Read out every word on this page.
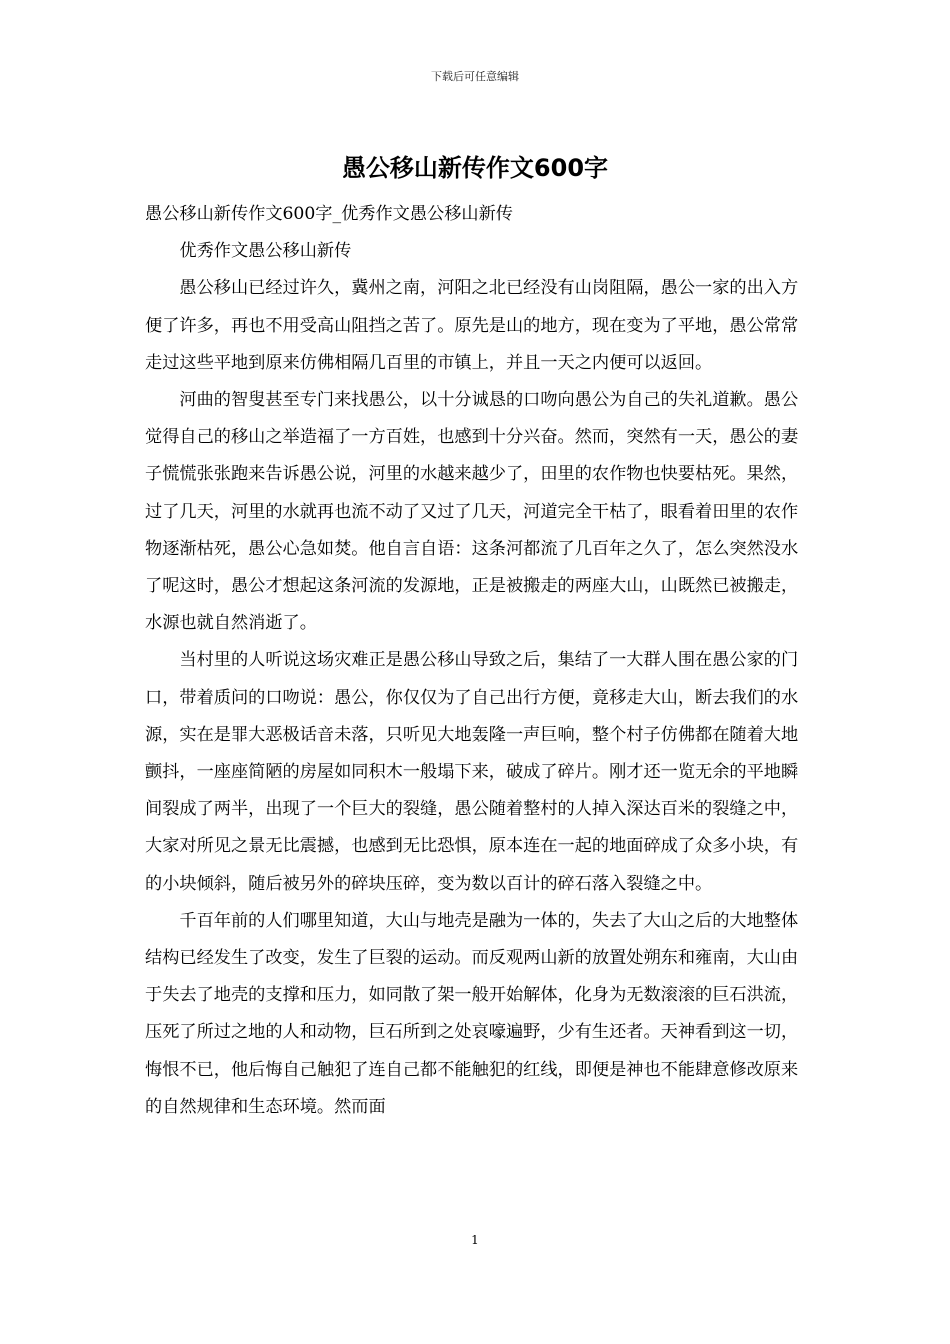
下载后可任意编辑
愚公移山新传作文600字

愚公移山新传作文600字_优秀作文愚公移山新传

优秀作文愚公移山新传

愚公移山已经过许久，冀州之南，河阳之北已经没有山岗阻隔，愚公一家的出入方便了许多，再也不用受高山阻挡之苦了。原先是山的地方，现在变为了平地，愚公常常走过这些平地到原来仿佛相隔几百里的市镇上，并且一天之内便可以返回。

河曲的智叟甚至专门来找愚公，以十分诚恳的口吻向愚公为自己的失礼道歉。愚公觉得自己的移山之举造福了一方百姓，也感到十分兴奋。然而，突然有一天，愚公的妻子慌慌张张跑来告诉愚公说，河里的水越来越少了，田里的农作物也快要枯死。果然，过了几天，河里的水就再也流不动了又过了几天，河道完全干枯了，眼看着田里的农作物逐渐枯死，愚公心急如焚。他自言自语：这条河都流了几百年之久了，怎么突然没水了呢这时，愚公才想起这条河流的发源地，正是被搬走的两座大山，山既然已被搬走，水源也就自然消逝了。

当村里的人听说这场灾难正是愚公移山导致之后，集结了一大群人围在愚公家的门口，带着质问的口吻说：愚公，你仅仅为了自己出行方便，竟移走大山，断去我们的水源，实在是罪大恶极话音未落，只听见大地轰隆一声巨响，整个村子仿佛都在随着大地颤抖，一座座简陋的房屋如同积木一般塌下来，破成了碎片。刚才还一览无余的平地瞬间裂成了两半，出现了一个巨大的裂缝，愚公随着整村的人掉入深达百米的裂缝之中，大家对所见之景无比震撼，也感到无比恐惧，原本连在一起的地面碎成了众多小块，有的小块倾斜，随后被另外的碎块压碎，变为数以百计的碎石落入裂缝之中。

千百年前的人们哪里知道，大山与地壳是融为一体的，失去了大山之后的大地整体结构已经发生了改变，发生了巨裂的运动。而反观两山新的放置处朔东和雍南，大山由于失去了地壳的支撑和压力，如同散了架一般开始解体，化身为无数滚滚的巨石洪流，压死了所过之地的人和动物，巨石所到之处哀嚎遍野，少有生还者。天神看到这一切，悔恨不已，他后悔自己触犯了连自己都不能触犯的红线，即便是神也不能肆意修改原来的自然规律和生态环境。然而面

1
